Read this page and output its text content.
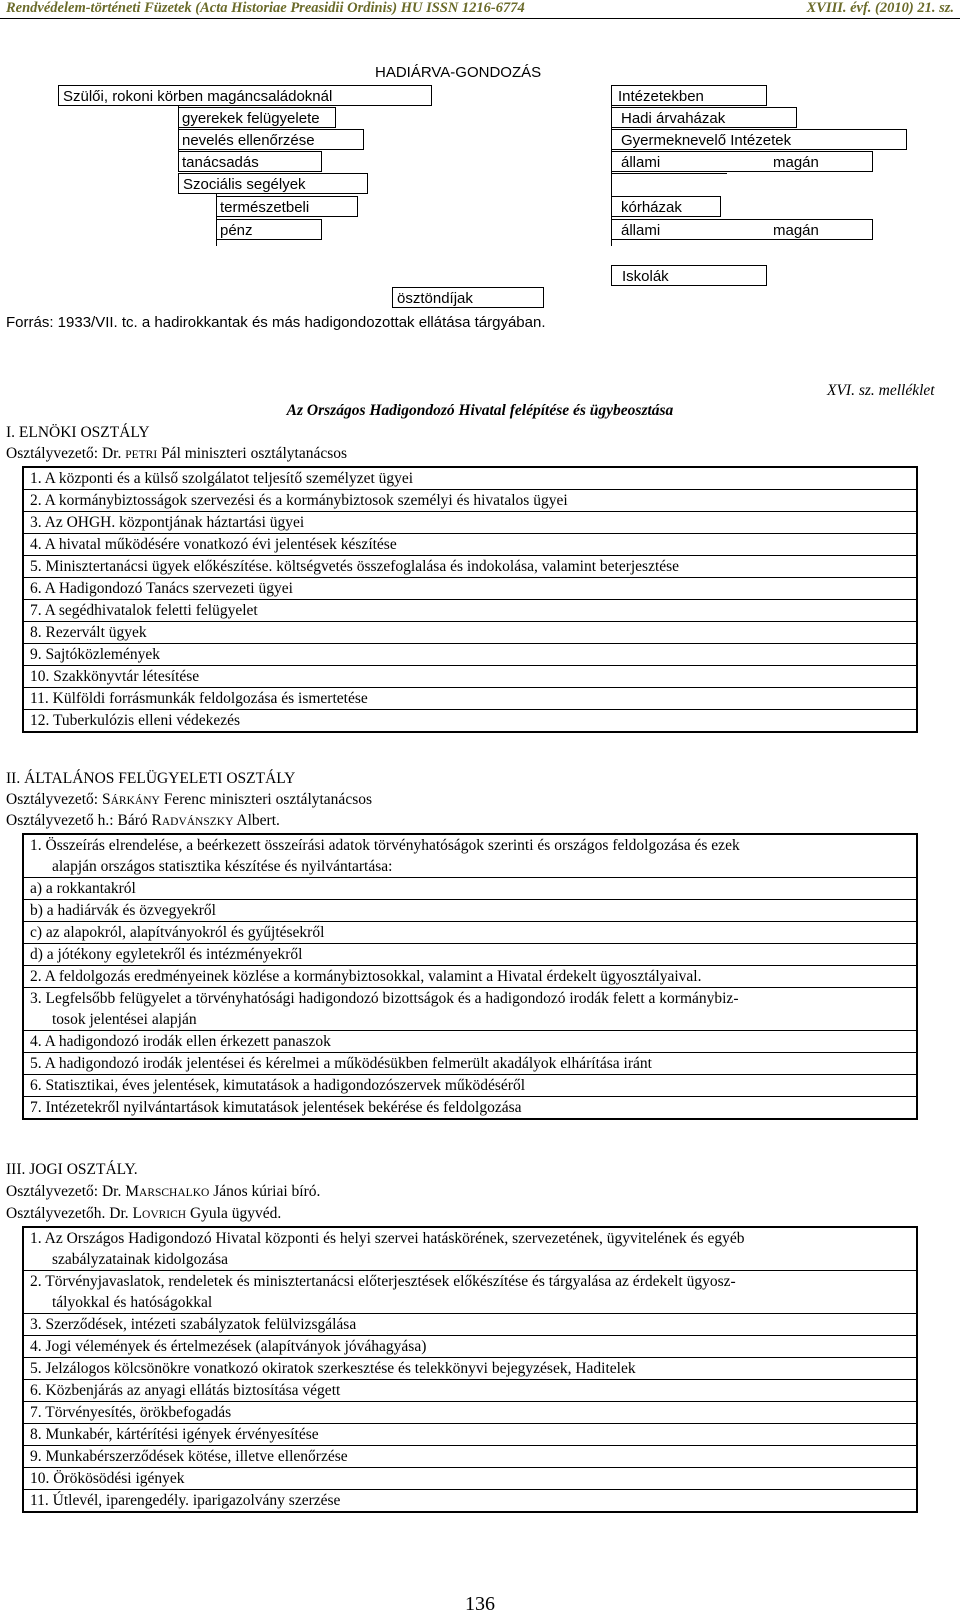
Rendvédelem-történeti Füzetek (Acta Historiae Preasidii Ordinis) HU ISSN 1216-6774	XVIII. évf. (2010) 21. sz.
HADIÁRVA-GONDOZÁS
Szülői, rokoni körben magáncsaládoknál
gyerekek felügyelete
nevelés ellenőrzése
tanácsadás
Szociális segélyek
természetbeli
pénz
ösztöndíjak
Intézetekben
Hadi árvaházak
Gyermeknevelő Intézetek
állami	magán
kórházak
állami	magán
Iskolák
Forrás: 1933/VII. tc. a hadirokkantak és más hadigondozottak ellátása tárgyában.
XVI. sz. melléklet
Az Országos Hadigondozó Hivatal felépítése és ügybeosztása
I. ELNÖKI OSZTÁLY
Osztályvezető: Dr. PETRI Pál miniszteri osztálytanácsos
1. A központi és a külső szolgálatot teljesítő személyzet ügyei
2. A kormánybiztosságok szervezési és a kormánybiztosok személyi és hivatalos ügyei
3. Az OHGH. központjának háztartási ügyei
4. A hivatal működésére vonatkozó évi jelentések készítése
5. Minisztertanácsi ügyek előkészítése. költségvetés összefoglalása és indokolása, valamint beterjesztése
6. A Hadigondozó Tanács szervezeti ügyei
7. A segédhivatalok feletti felügyelet
8. Rezervált ügyek
9. Sajtóközlemények
10. Szakkönyvtár létesítése
11. Külföldi forrásmunkák feldolgozása és ismertetése
12. Tuberkulózis elleni védekezés
II. ÁLTALÁNOS FELÜGYELETI OSZTÁLY
Osztályvezető: SÁRKÁNY Ferenc miniszteri osztálytanácsos
Osztályvezető h.: Báró RADVÁNSZKY Albert.
1. Összeírás elrendelése, a beérkezett összeírási adatok törvényhatóságok szerinti és országos feldolgozása és ezek
alapján országos statisztika készítése és nyilvántartása:
a) a rokkantakról
b) a hadiárvák és özvegyekről
c) az alapokról, alapítványokról és gyűjtésekről
d) a jótékony egyletekről és intézményekről
2. A feldolgozás eredményeinek közlése a kormánybiztosokkal, valamint a Hivatal érdekelt ügyosztályaival.
3. Legfelsőbb felügyelet a törvényhatósági hadigondozó bizottságok és a hadigondozó irodák felett a kormánybiz-
tosok jelentései alapján
4. A hadigondozó irodák ellen érkezett panaszok
5. A hadigondozó irodák jelentései és kérelmei a működésükben felmerült akadályok elhárítása iránt
6. Statisztikai, éves jelentések, kimutatások a hadigondozószervek működéséről
7. Intézetekről nyilvántartások kimutatások jelentések bekérése és feldolgozása
III. JOGI OSZTÁLY.
Osztályvezető: Dr. MARSCHALKO János kúriai bíró.
Osztályvezetőh. Dr. LOVRICH Gyula ügyvéd.
1. Az Országos Hadigondozó Hivatal központi és helyi szervei hatáskörének, szervezetének, ügyvitelének és egyéb
szabályzatainak kidolgozása
2. Törvényjavaslatok, rendeletek és minisztertanácsi előterjesztések előkészítése és tárgyalása az érdekelt ügyosz-
tályokkal és hatóságokkal
3. Szerződések, intézeti szabályzatok felülvizsgálása
4. Jogi vélemények és értelmezések (alapítványok jóváhagyása)
5. Jelzálogos kölcsönökre vonatkozó okiratok szerkesztése és telekkönyvi bejegyzések, Haditelek
6. Közbenjárás az anyagi ellátás biztosítása végett
7. Törvényesítés, örökbefogadás
8. Munkabér, kártérítési igények érvényesítése
9. Munkabérszerződések kötése, illetve ellenőrzése
10. Örökösödési igények
11. Útlevél, iparengedély. iparigazolvány szerzése
136
